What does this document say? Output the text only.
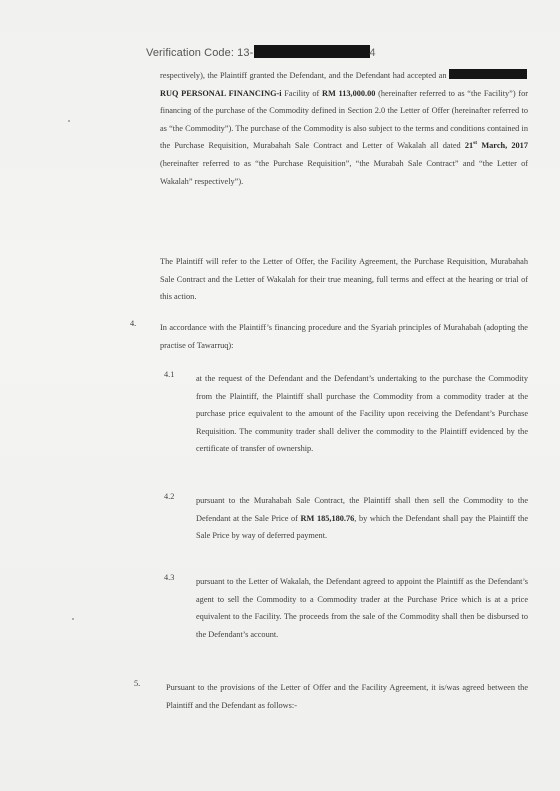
Verification Code: 13-	4
respectively), the Plaintiff granted the Defendant, and the Defendant had accepted an RUQ PERSONAL FINANCING-i Facility of RM 113,000.00 (hereinafter referred to as “the Facility”) for financing of the purchase of the Commodity defined in Section 2.0 the Letter of Offer (hereinafter referred to as “the Commodity”). The purchase of the Commodity is also subject to the terms and conditions contained in the Purchase Requisition, Murabahah Sale Contract and Letter of Wakalah all dated 21st March, 2017 (hereinafter referred to as “the Purchase Requisition”, “the Murabah Sale Contract” and “the Letter of Wakalah” respectively”).
The Plaintiff will refer to the Letter of Offer, the Facility Agreement, the Purchase Requisition, Murabahah Sale Contract and the Letter of Wakalah for their true meaning, full terms and effect at the hearing or trial of this action.
4.	In accordance with the Plaintiff’s financing procedure and the Syariah principles of Murahabah (adopting the practise of Tawarruq):
4.1	at the request of the Defendant and the Defendant’s undertaking to the purchase the Commodity from the Plaintiff, the Plaintiff shall purchase the Commodity from a commodity trader at the purchase price equivalent to the amount of the Facility upon receiving the Defendant’s Purchase Requisition. The community trader shall deliver the commodity to the Plaintiff evidenced by the certificate of transfer of ownership.
4.2	pursuant to the Murahabah Sale Contract, the Plaintiff shall then sell the Commodity to the Defendant at the Sale Price of RM 185,180.76, by which the Defendant shall pay the Plaintiff the Sale Price by way of deferred payment.
4.3	pursuant to the Letter of Wakalah, the Defendant agreed to appoint the Plaintiff as the Defendant’s agent to sell the Commodity to a Commodity trader at the Purchase Price which is at a price equivalent to the Facility. The proceeds from the sale of the Commodity shall then be disbursed to the Defendant’s account.
5.	Pursuant to the provisions of the Letter of Offer and the Facility Agreement, it is/was agreed between the Plaintiff and the Defendant as follows:-
